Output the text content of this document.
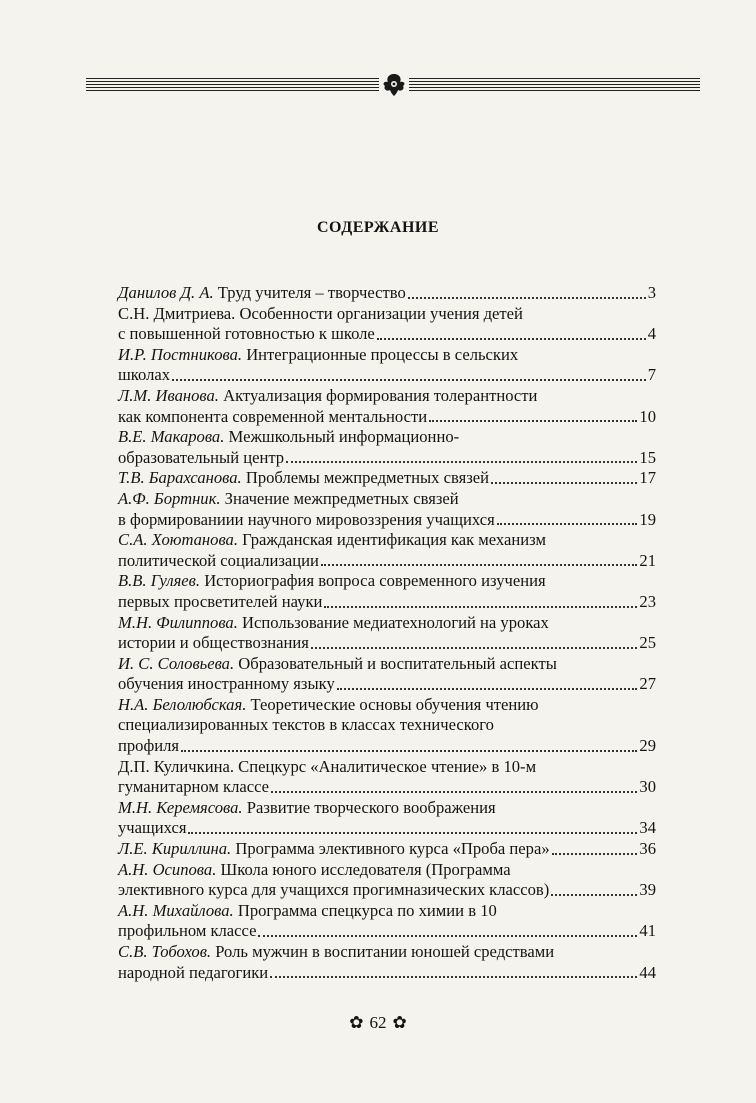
СОДЕРЖАНИЕ
Данилов Д. А.
Труд учителя – творчество	3
С.Н. Дмитриева. Особенности организации учения детей
с повышенной готовностью к школе	4
И.Р. Постникова.
Интеграционные процессы в сельских
школах	7
Л.М. Иванова.
Актуализация формирования толерантности
как компонента современной ментальности	10
В.Е. Макарова.
Межшкольный информационно-
образовательный центр	15
Т.В. Барахсанова.
Проблемы межпредметных связей	17
А.Ф. Бортник.
Значение межпредметных связей
в формированиии научного мировоззрения учащихся	19
С.А. Хоютанова.
Гражданская идентификация как механизм
политической социализации	21
В.В. Гуляев.
Историография вопроса современного изучения
первых просветителей науки	23
М.Н. Филиппова.
Использование медиатехнологий на уроках
истории и обществознания	25
И. С. Соловьева.
Образовательный и воспитательный аспекты
обучения иностранному языку	27
Н.А. Белолюбская.
Теоретические основы обучения чтению
специализированных текстов в классах технического
профиля	29
Д.П. Куличкина. Спецкурс «Аналитическое чтение» в 10-м
гуманитарном классе	30
М.Н. Керемясова.
Развитие творческого воображения
учащихся	34
Л.Е. Кириллина.
Программа элективного курса «Проба пера»	36
А.Н. Осипова.
Школа юного исследователя (Программа
элективного курса для учащихся прогимназических классов)	39
А.Н. Михайлова.
Программа спецкурса по химии в 10
профильном классе	41
С.В. Тобохов.
Роль мужчин в воспитании юношей средствами
народной педагогики	44
✿ 62 ✿
